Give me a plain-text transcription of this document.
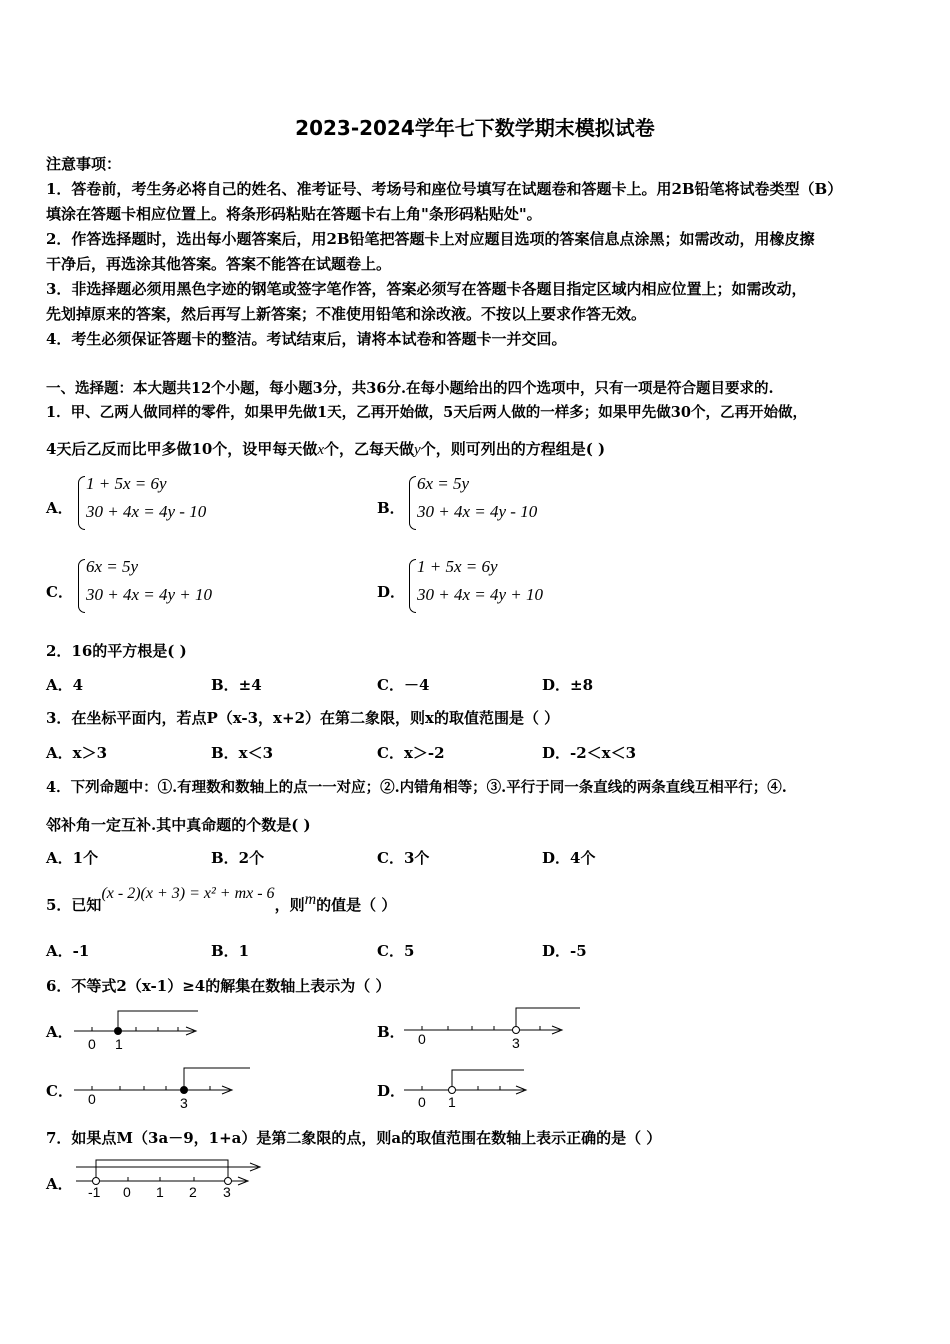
2023-2024学年七下数学期末模拟试卷
注意事项：
1．答卷前，考生务必将自己的姓名、准考证号、考场号和座位号填写在试题卷和答题卡上。用2B铅笔将试卷类型（B）
填涂在答题卡相应位置上。将条形码粘贴在答题卡右上角"条形码粘贴处"。
2．作答选择题时，选出每小题答案后，用2B铅笔把答题卡上对应题目选项的答案信息点涂黑；如需改动，用橡皮擦
干净后，再选涂其他答案。答案不能答在试题卷上。
3．非选择题必须用黑色字迹的钢笔或签字笔作答，答案必须写在答题卡各题目指定区域内相应位置上；如需改动，
先划掉原来的答案，然后再写上新答案；不准使用铅笔和涂改液。不按以上要求作答无效。
4．考生必须保证答题卡的整洁。考试结束后，请将本试卷和答题卡一并交回。
一、选择题：本大题共12个小题，每小题3分，共36分.在每小题给出的四个选项中，只有一项是符合题目要求的.
1．甲、乙两人做同样的零件，如果甲先做1天，乙再开始做，5天后两人做的一样多；如果甲先做30个，乙再开始做，
4天后乙反而比甲多做10个，设甲每天做x个，乙每天做y个，则可列出的方程组是( )
A．
1 + 5x = 6y
30 + 4x = 4y - 10	B．
6x = 5y
30 + 4x = 4y - 10
C．
6x = 5y
30 + 4x = 4y + 10	D．
1 + 5x = 6y
30 + 4x = 4y + 10
2．16的平方根是( )
A．4	B．±4	C．－4	D．±8
3．在坐标平面内，若点P（x-3，x+2）在第二象限，则x的取值范围是（ ）
A．x＞3	B．x＜3	C．x＞-2	D．-2＜x＜3
4．下列命题中：①.有理数和数轴上的点一一对应；②.内错角相等；③.平行于同一条直线的两条直线互相平行；④.
邻补角一定互补.其中真命题的个数是( )
A．1个	B．2个	C．3个	D．4个
5．已知(x - 2)(x + 3) = x² + mx - 6，则m的值是（ ）
A．-1	B．1	C．5	D．-5
6．不等式2（x-1）≥4的解集在数轴上表示为（ ）
A．
0 1
B． 0	3
C． 0	3
D．
0 1
7．如果点M（3a－9，1+a）是第二象限的点，则a的取值范围在数轴上表示正确的是（ ）
A． -1 0 1 2 3
